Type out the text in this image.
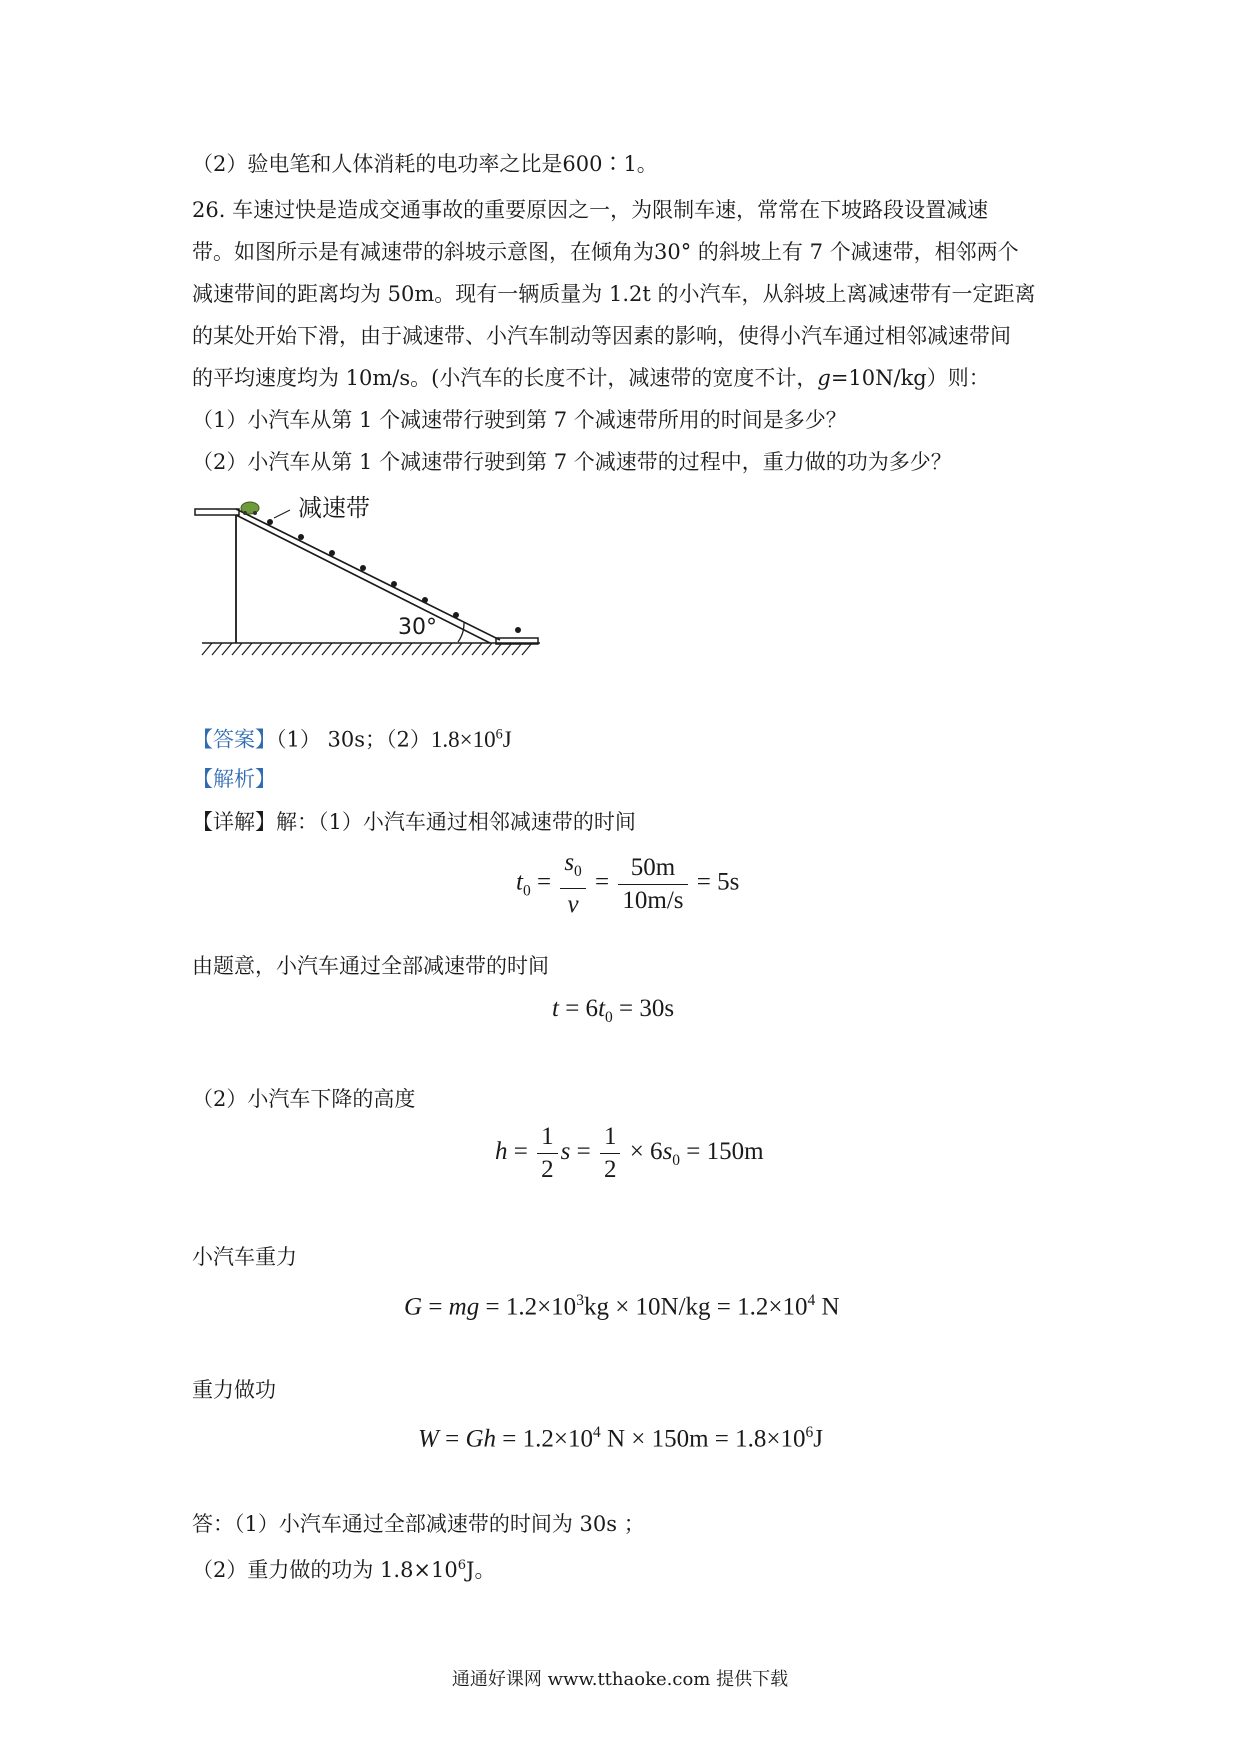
（2）验电笔和人体消耗的电功率之比是600∶1。
26. 车速过快是造成交通事故的重要原因之一，为限制车速，常常在下坡路段设置减速
带。如图所示是有减速带的斜坡示意图，在倾角为30° 的斜坡上有 7 个减速带，相邻两个
减速带间的距离均为 50m。现有一辆质量为 1.2t 的小汽车，从斜坡上离减速带有一定距离
的某处开始下滑，由于减速带、小汽车制动等因素的影响，使得小汽车通过相邻减速带间
的平均速度均为 10m/s。(小汽车的长度不计，减速带的宽度不计，g=10N/kg）则：
（1）小汽车从第 1 个减速带行驶到第 7 个减速带所用的时间是多少？
（2）小汽车从第 1 个减速带行驶到第 7 个减速带的过程中，重力做的功为多少？
减速带
30°
【答案】（1） 30s；$(2)1.8\times 10^6J$
【解析】
【详解】解：（1）小汽车通过相邻减速带的时间
$t_0 = \frac{s_0}{v} = \frac{50m}{10m/s} = 5s$
由题意，小汽车通过全部减速带的时间
$t = 6t_0 = 30s$
（2）小汽车下降的高度
$h = \frac{1}{2}$ $s = \frac{1}{2} \times 6s_0 = 150m$
小汽车重力
G = mg = $1.2\times 10^3kg \times 10N/kg = 1.2\times 10^4$ N
重力做功
$W = Gh = 1.2\times 10^4$ $N \times 150m = 1.8\times 10^6J$
答：（1）小汽车通过全部减速带的时间为 30s ；
（2）重力做的功为 $1.8\times 10^6J$。
通通好课网 www.tthaoke.com 提供下载
